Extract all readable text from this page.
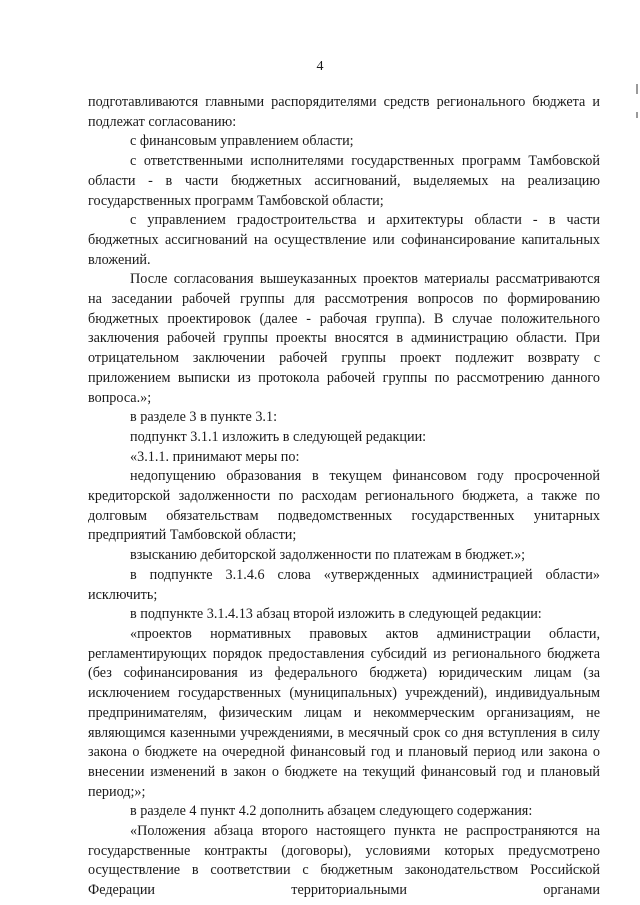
4

подготавливаются главными распорядителями средств регионального бюджета и подлежат согласованию:

с финансовым управлением области;

с ответственными исполнителями государственных программ Тамбовской области - в части бюджетных ассигнований, выделяемых на реализацию государственных программ Тамбовской области;

с управлением градостроительства и архитектуры области - в части бюджетных ассигнований на осуществление или софинансирование капитальных вложений.

После согласования вышеуказанных проектов материалы рассматриваются на заседании рабочей группы для рассмотрения вопросов по формированию бюджетных проектировок (далее - рабочая группа). В случае положительного заключения рабочей группы проекты вносятся в администрацию области. При отрицательном заключении рабочей группы проект подлежит возврату с приложением выписки из протокола рабочей группы по рассмотрению данного вопроса.»;

в разделе 3 в пункте 3.1:

подпункт 3.1.1 изложить в следующей редакции:

«3.1.1. принимают меры по:

недопущению образования в текущем финансовом году просроченной кредиторской задолженности по расходам регионального бюджета, а также по долговым обязательствам подведомственных государственных унитарных предприятий Тамбовской области;

взысканию дебиторской задолженности по платежам в бюджет.»;

в подпункте 3.1.4.6 слова «утвержденных администрацией области» исключить;

в подпункте 3.1.4.13 абзац второй изложить в следующей редакции:

«проектов нормативных правовых актов администрации области, регламентирующих порядок предоставления субсидий из регионального бюджета (без софинансирования из федерального бюджета) юридическим лицам (за исключением государственных (муниципальных) учреждений), индивидуальным предпринимателям, физическим лицам и некоммерческим организациям, не являющимся казенными учреждениями, в месячный срок со дня вступления в силу закона о бюджете на очередной финансовый год и плановый период или закона о внесении изменений в закон о бюджете на текущий финансовый год и плановый период;»;

в разделе 4 пункт 4.2 дополнить абзацем следующего содержания:

«Положения абзаца второго настоящего пункта не распространяются на государственные контракты (договоры), условиями которых предусмотрено осуществление в соответствии с бюджетным законодательством Российской Федерации территориальными органами
